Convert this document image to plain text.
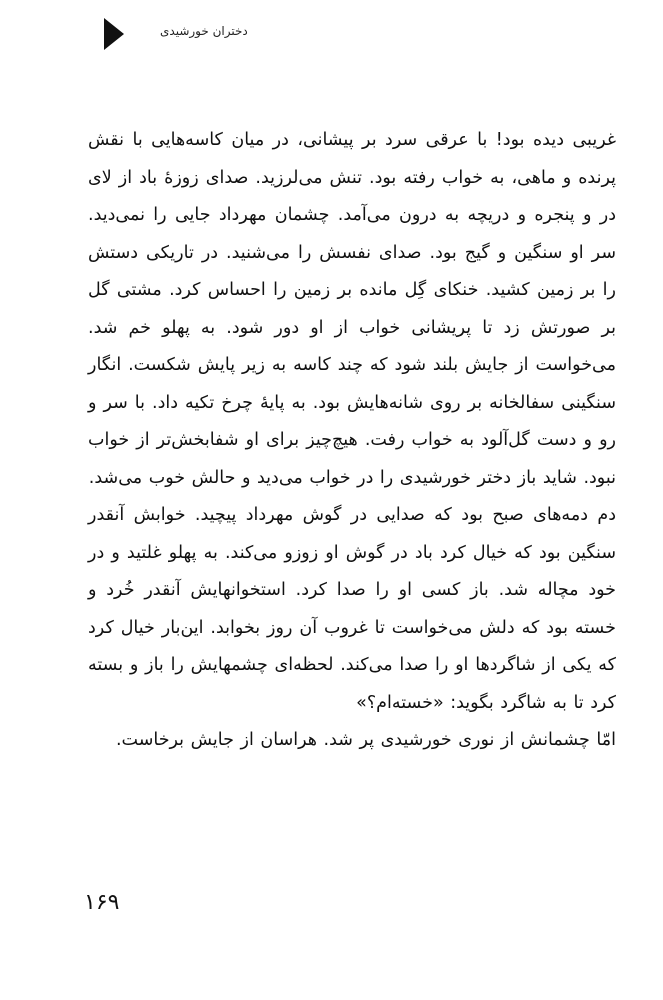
دختران خورشیدی

غریبی دیده بود! با عرقی سرد بر پیشانی، در میان کاسه‌هایی با نقش پرنده و ماهی، به خواب رفته بود. تنش می‌لرزید. صدای زوزهٔ باد از لای در و پنجره و دریچه به درون می‌آمد. چشمان مهرداد جایی را نمی‌دید. سر او سنگین و گیج بود. صدای نفسش را می‌شنید. در تاریکی دستش را بر زمین کشید. خنکای گِل مانده بر زمین را احساس کرد. مشتی گل بر صورتش زد تا پریشانی خواب از او دور شود. به پهلو خم شد. می‌خواست از جایش بلند شود که چند کاسه به زیر پایش شکست. انگار سنگینی سفالخانه بر روی شانه‌هایش بود. به پایهٔ چرخ تکیه داد. با سر و رو و دست گل‌آلود به خواب رفت. هیچ‌چیز برای او شفابخش‌تر از خواب نبود. شاید باز دختر خورشیدی را در خواب می‌دید و حالش خوب می‌شد.

دم دمه‌های صبح بود که صدایی در گوش مهرداد پیچید. خوابش آنقدر سنگین بود که خیال کرد باد در گوش او زوزو می‌کند. به پهلو غلتید و در خود مچاله شد. باز کسی او را صدا کرد. استخوانهایش آنقدر خُرد و خسته بود که دلش می‌خواست تا غروب آن روز بخوابد. این‌بار خیال کرد که یکی از شاگردها او را صدا می‌کند. لحظه‌ای چشمهایش را باز و بسته کرد تا به شاگرد بگوید: «خسته‌ام؟»

امّا چشمانش از نوری خورشیدی پر شد. هراسان از جایش برخاست.

۱۶۹
